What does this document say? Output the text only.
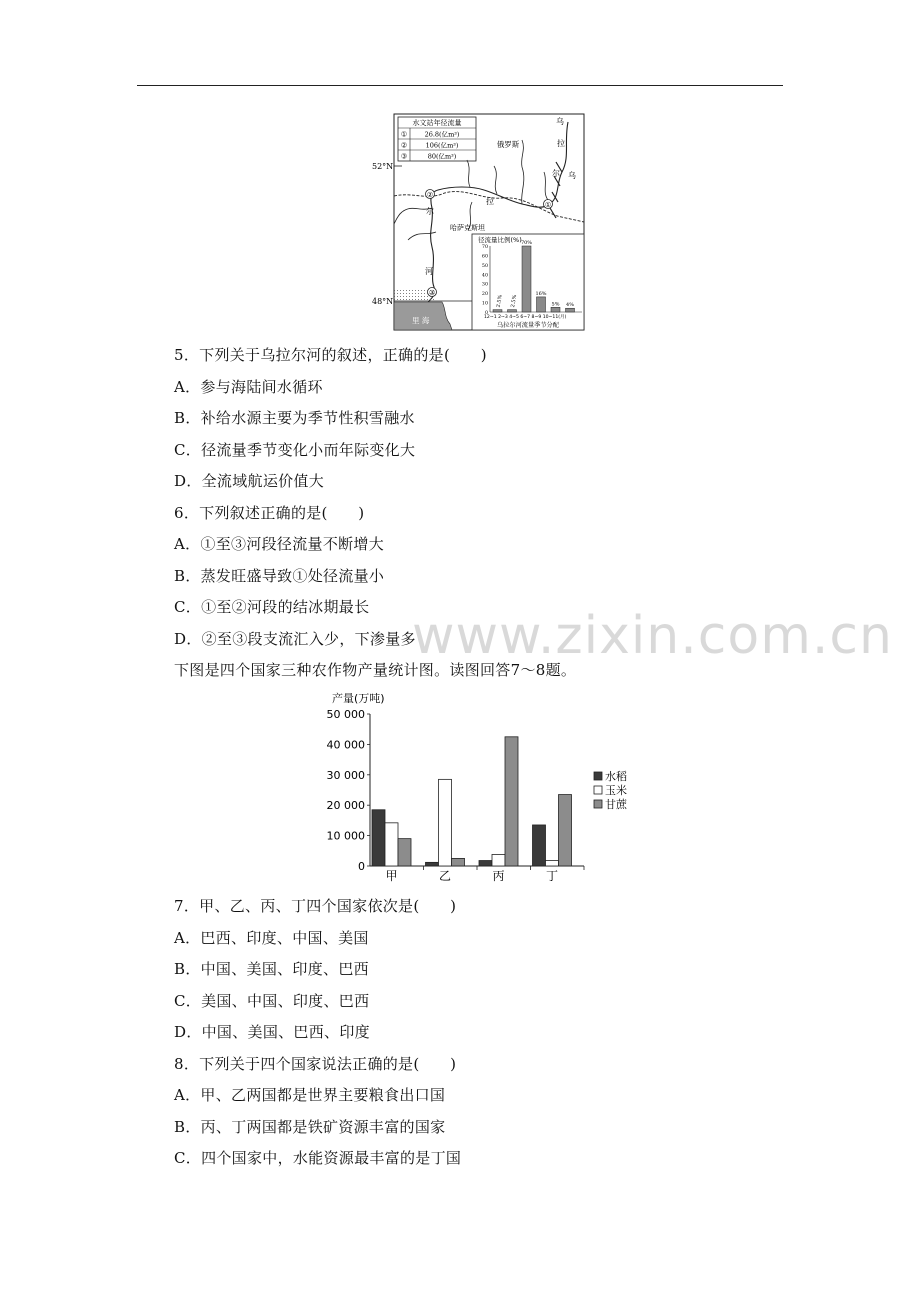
水文站年径流量
①	26.8(亿m³)
②	106(亿m³)
③	80(亿m³)
俄罗斯
52°N
48°N
②
①
乌
拉
尔 乌
拉
尔
河
哈萨克斯坦
里 海
径流量比例(%)
70
60
50
40
30
20
10
0
2.5% 2.5%
70%
16%
5% 4%
12~1 2~3 4~5 6~7 8~9 10~11(月)
乌拉尔河流量季节分配
www.zixin.com.cn
5．下列关于乌拉尔河的叙述，正确的是(　　)
A．参与海陆间水循环
B．补给水源主要为季节性积雪融水
C．径流量季节变化小而年际变化大
D．全流域航运价值大
6．下列叙述正确的是(　　)
A．①至③河段径流量不断增大
B．蒸发旺盛导致①处径流量小
C．①至②河段的结冰期最长
D．②至③段支流汇入少，下渗量多
下图是四个国家三种农作物产量统计图。读图回答7～8题。
产量(万吨)
50 000
40 000
30 000
20 000
10 000
0
甲	乙	丙	丁
水稻
玉米
甘蔗
7．甲、乙、丙、丁四个国家依次是(　　)
A．巴西、印度、中国、美国
B．中国、美国、印度、巴西
C．美国、中国、印度、巴西
D．中国、美国、巴西、印度
8．下列关于四个国家说法正确的是(　　)
A．甲、乙两国都是世界主要粮食出口国
B．丙、丁两国都是铁矿资源丰富的国家
C．四个国家中，水能资源最丰富的是丁国
